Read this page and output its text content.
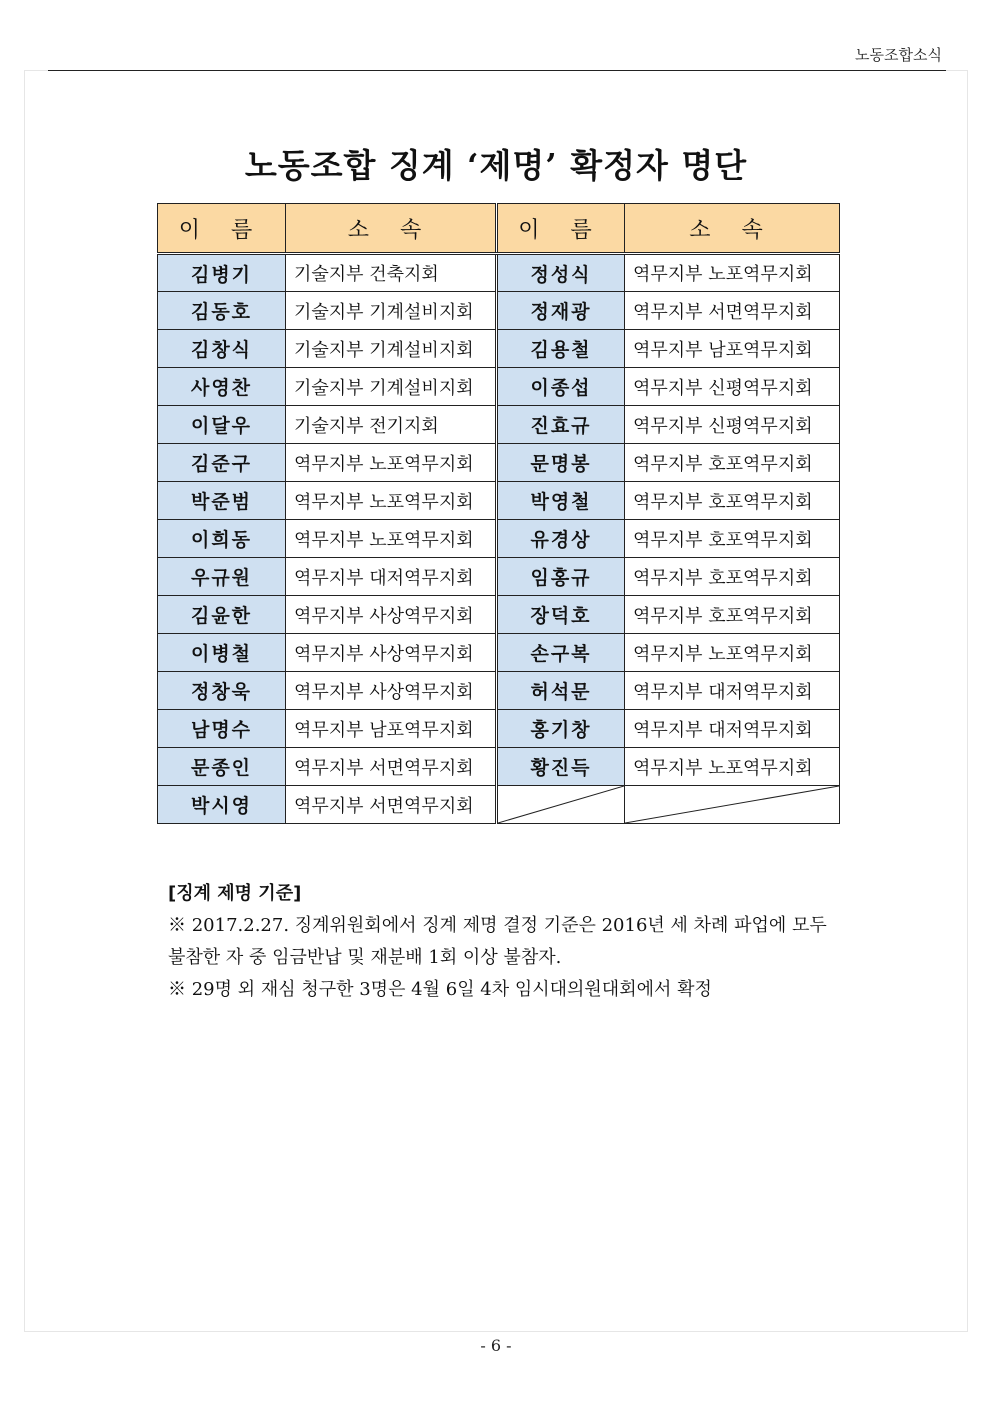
노동조합소식
노동조합 징계 ‘제명’ 확정자 명단
이 름	소 속	이 름	소 속
김병기	기술지부 건축지회	정성식	역무지부 노포역무지회
김동호	기술지부 기계설비지회	정재광	역무지부 서면역무지회
김창식	기술지부 기계설비지회	김용철	역무지부 남포역무지회
사영찬	기술지부 기계설비지회	이종섭	역무지부 신평역무지회
이달우	기술지부 전기지회	진효규	역무지부 신평역무지회
김준구	역무지부 노포역무지회	문명봉	역무지부 호포역무지회
박준범	역무지부 노포역무지회	박영철	역무지부 호포역무지회
이희동	역무지부 노포역무지회	유경상	역무지부 호포역무지회
우규원	역무지부 대저역무지회	임홍규	역무지부 호포역무지회
김윤한	역무지부 사상역무지회	장덕호	역무지부 호포역무지회
이병철	역무지부 사상역무지회	손구복	역무지부 노포역무지회
정창욱	역무지부 사상역무지회	허석문	역무지부 대저역무지회
남명수	역무지부 남포역무지회	홍기창	역무지부 대저역무지회
문종인	역무지부 서면역무지회	황진득	역무지부 노포역무지회
박시영	역무지부 서면역무지회	

[징계 제명 기준]
※ 2017.2.27. 징계위원회에서 징계 제명 결정 기준은 2016년 세 차례 파업에 모두 불참한 자 중 임금반납 및 재분배 1회 이상 불참자.
※ 29명 외 재심 청구한 3명은 4월 6일 4차 임시대의원대회에서 확정
- 6 -
